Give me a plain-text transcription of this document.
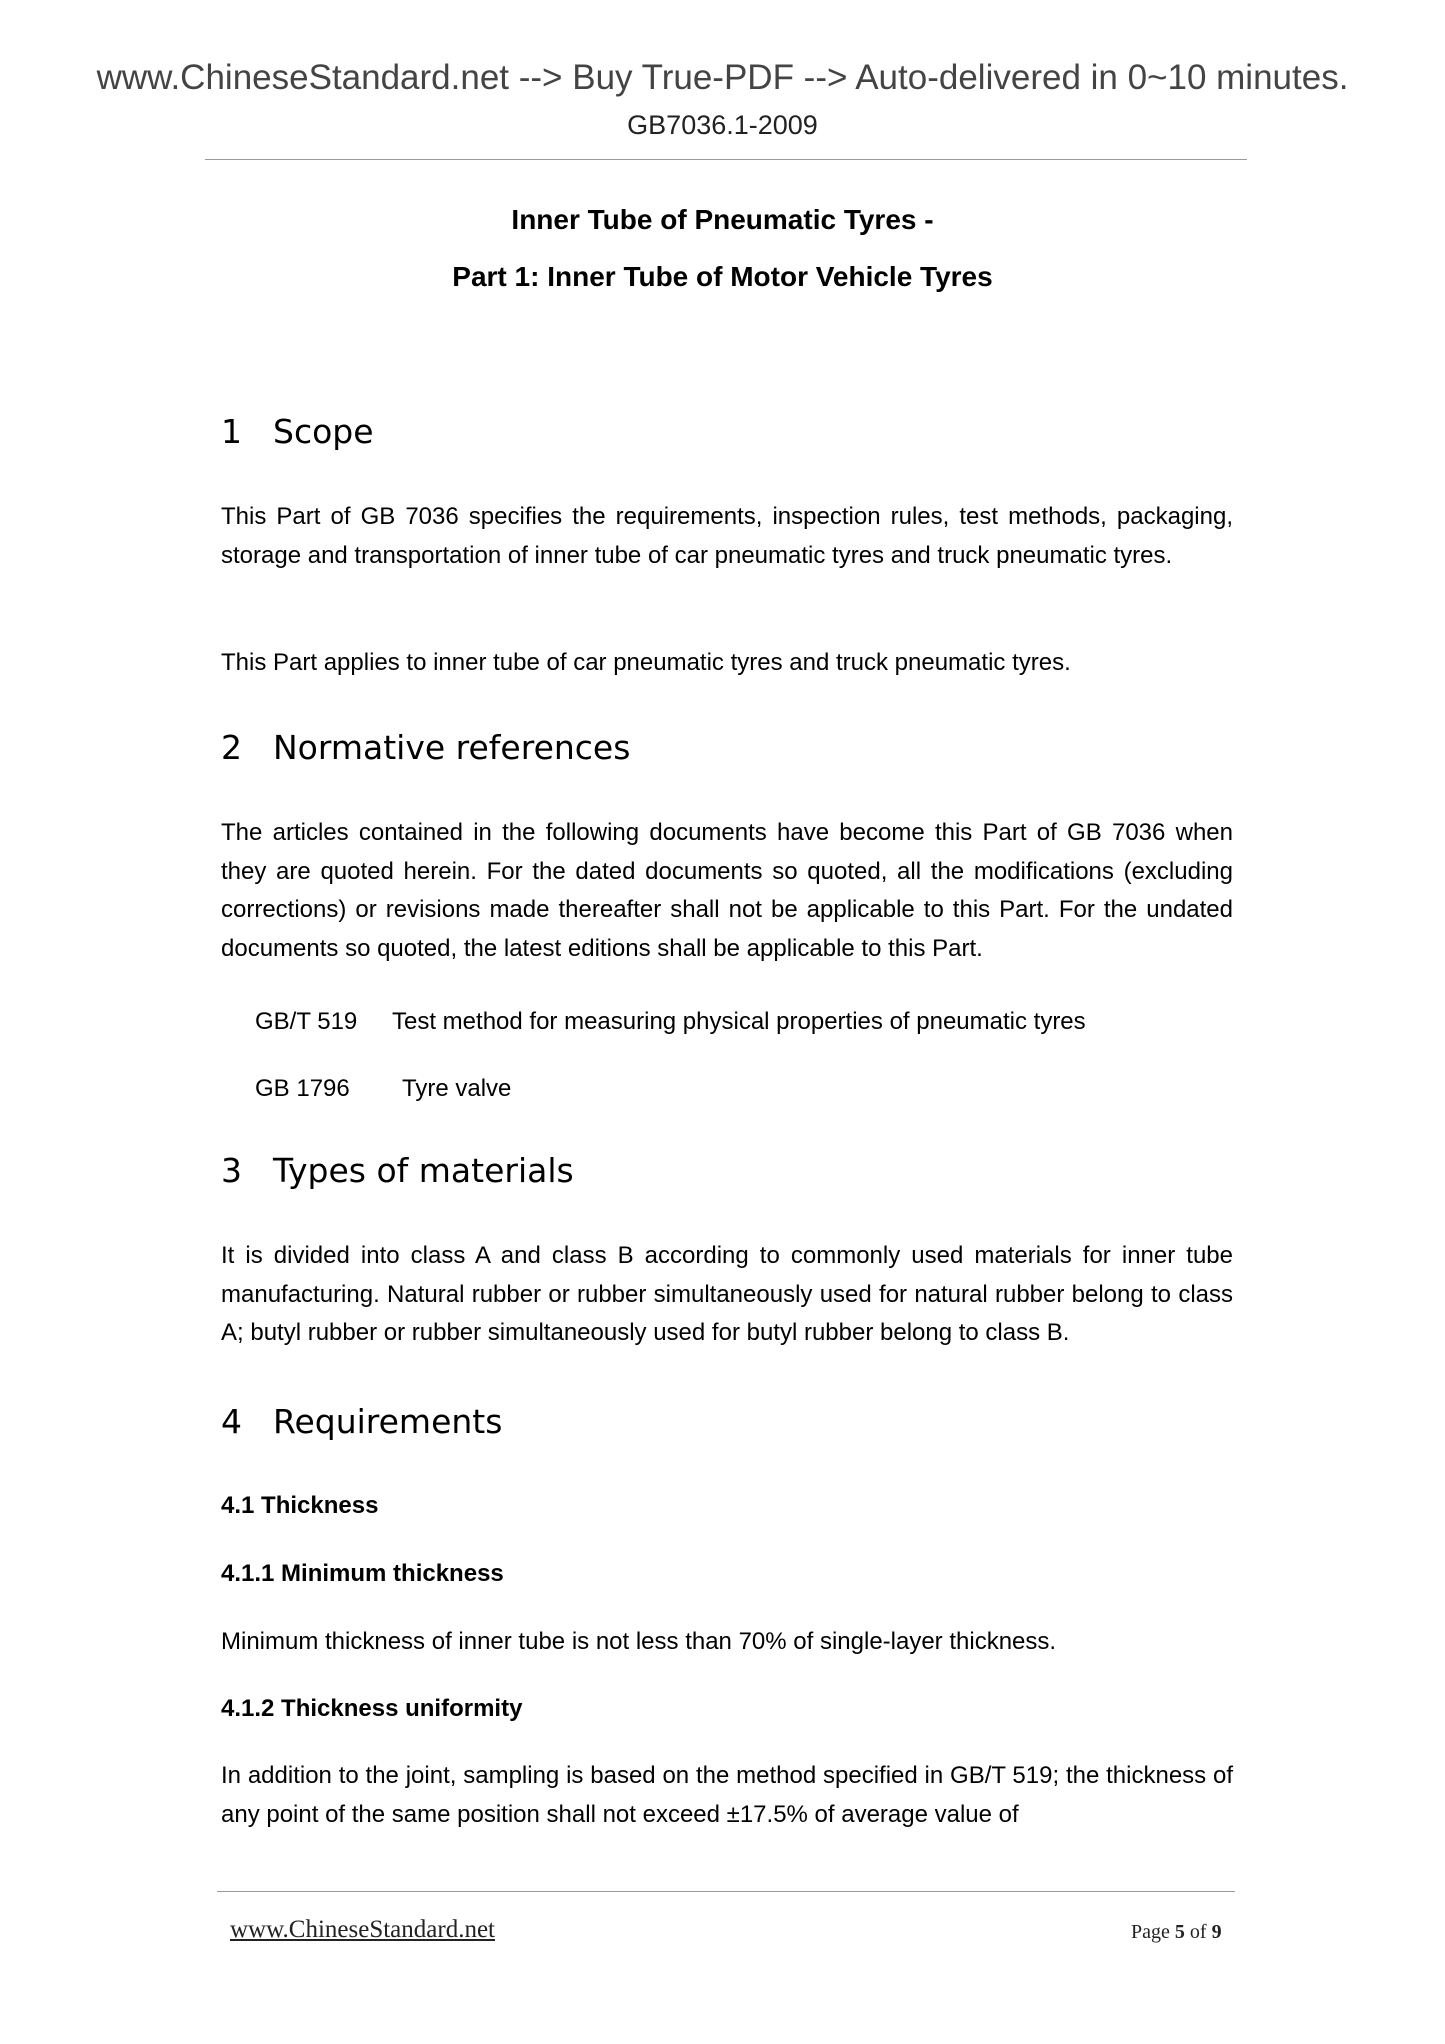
www.ChineseStandard.net --> Buy True-PDF --> Auto-delivered in 0~10 minutes.
GB7036.1-2009
Inner Tube of Pneumatic Tyres -
Part 1: Inner Tube of Motor Vehicle Tyres
1 Scope
This Part of GB 7036 specifies the requirements, inspection rules, test methods, packaging, storage and transportation of inner tube of car pneumatic tyres and truck pneumatic tyres.
This Part applies to inner tube of car pneumatic tyres and truck pneumatic tyres.
2 Normative references
The articles contained in the following documents have become this Part of GB 7036 when they are quoted herein. For the dated documents so quoted, all the modifications (excluding corrections) or revisions made thereafter shall not be applicable to this Part. For the undated documents so quoted, the latest editions shall be applicable to this Part.
GB/T 519 Test method for measuring physical properties of pneumatic tyres
GB 1796 Tyre valve
3 Types of materials
It is divided into class A and class B according to commonly used materials for inner tube manufacturing. Natural rubber or rubber simultaneously used for natural rubber belong to class A; butyl rubber or rubber simultaneously used for butyl rubber belong to class B.
4 Requirements
4.1 Thickness
4.1.1 Minimum thickness
Minimum thickness of inner tube is not less than 70% of single-layer thickness.
4.1.2 Thickness uniformity
In addition to the joint, sampling is based on the method specified in GB/T 519; the thickness of any point of the same position shall not exceed ±17.5% of average value of
www.ChineseStandard.net	Page 5 of 9
